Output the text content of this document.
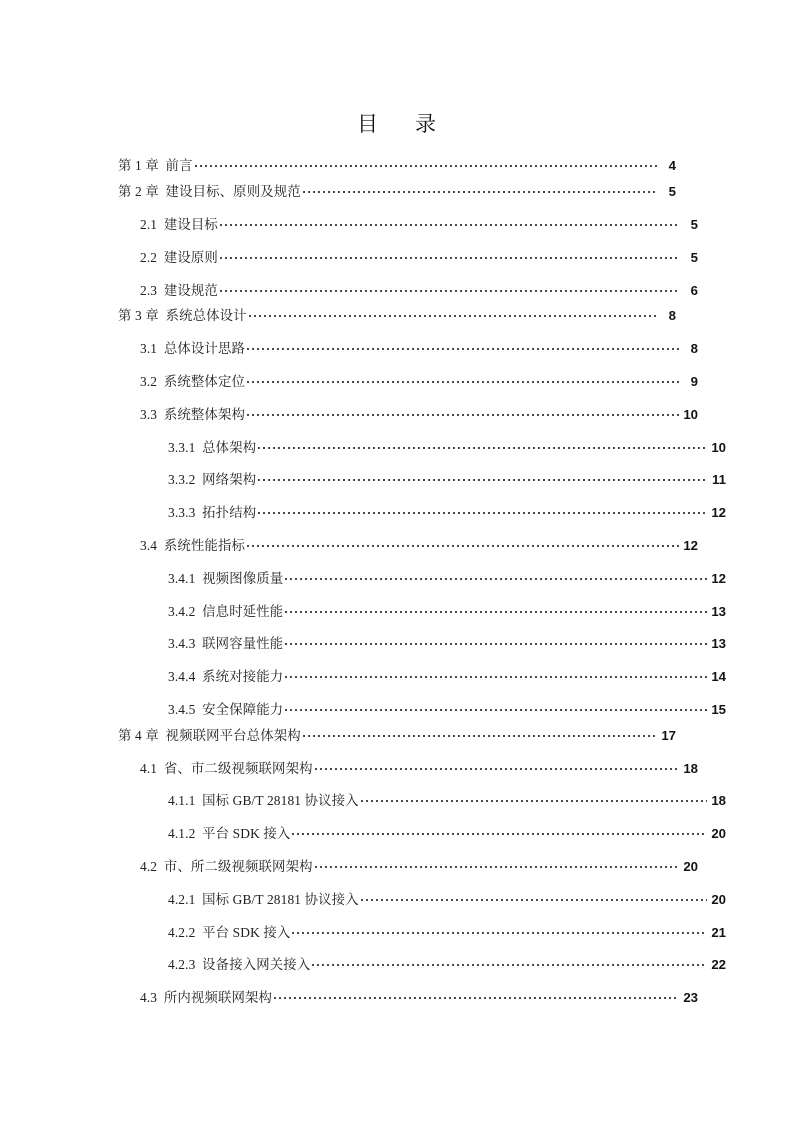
目　录
第 1 章 前言	4
第 2 章 建设目标、原则及规范	5
2.1 建设目标	5
2.2 建设原则	5
2.3 建设规范	6
第 3 章 系统总体设计	8
3.1 总体设计思路	8
3.2 系统整体定位	9
3.3 系统整体架构	10
3.3.1 总体架构	10
3.3.2 网络架构	11
3.3.3 拓扑结构	12
3.4 系统性能指标	12
3.4.1 视频图像质量	12
3.4.2 信息时延性能	13
3.4.3 联网容量性能	13
3.4.4 系统对接能力	14
3.4.5 安全保障能力	15
第 4 章 视频联网平台总体架构	17
4.1 省、市二级视频联网架构	18
4.1.1 国标 GB/T 28181 协议接入	18
4.1.2 平台 SDK 接入	20
4.2 市、所二级视频联网架构	20
4.2.1 国标 GB/T 28181 协议接入	20
4.2.2 平台 SDK 接入	21
4.2.3 设备接入网关接入	22
4.3 所内视频联网架构	23
